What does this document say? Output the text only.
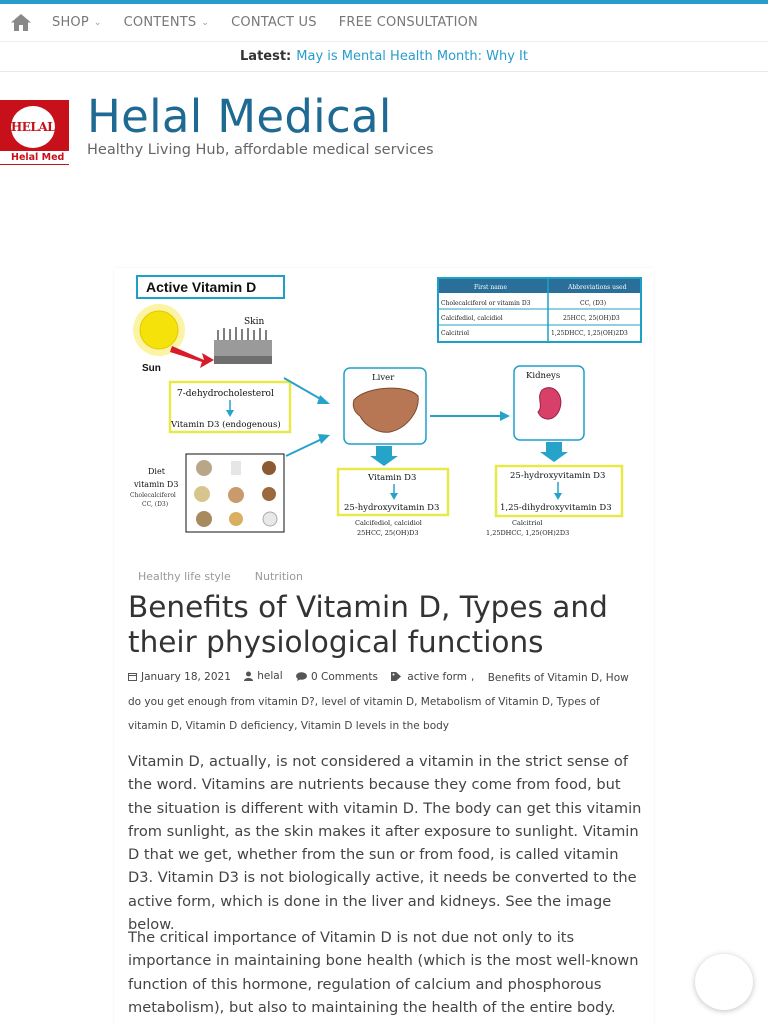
SHOP ⌄ CONTENTS ⌄ CONTACT US FREE CONSULTATION
Latest: May is Mental Health Month: Why It
HELAL
Helal Med
Helal Medical
Healthy Living Hub, affordable medical services
Active Vitamin D	First name	Abbreviations used
Cholecalciferol or vitamin D3	CC, (D3)
Calcifediol, calcidiol	25HCC, 25(OH)D3
Calcitriol	1,25DHCC, 1,25(OH)2D3
Sun
Skin
7-dehydrocholesterol
Vitamin D3 (endogenous)
Diet
vitamin D3
Cholecalciferol
CC, (D3)
Liver	Kidneys
Vitamin D3
25-hydroxyvitamin D3
Calcifediol, calcidiol
25HCC, 25(OH)D3
25-hydroxyvitamin D3
1,25-dihydroxyvitamin D3
Calcitriol
1,25DHCC, 1,25(OH)2D3
Healthy life style Nutrition
Benefits of Vitamin D, Types and their physiological functions
January 18, 2021
	helal
	0 Comments
	active form , Benefits of Vitamin D, How do you get enough from vitamin D?, level of vitamin D, Metabolism of Vitamin D, Types of vitamin D, Vitamin D deficiency, Vitamin D levels in the body

Vitamin D, actually, is not considered a vitamin in the strict sense of the word. Vitamins are nutrients because they come from food, but the situation is different with vitamin D. The body can get this vitamin from sunlight, as the skin makes it after exposure to sunlight. Vitamin D that we get, whether from the sun or from food, is called vitamin D3. Vitamin D3 is not biologically active, it needs be converted to the active form, which is done in the liver and kidneys. See the image below.

The critical importance of Vitamin D is not due not only to its importance in maintaining bone health (which is the most well-known function of this hormone, regulation of calcium and phosphorous metabolism), but also to maintaining the health of the entire body.
